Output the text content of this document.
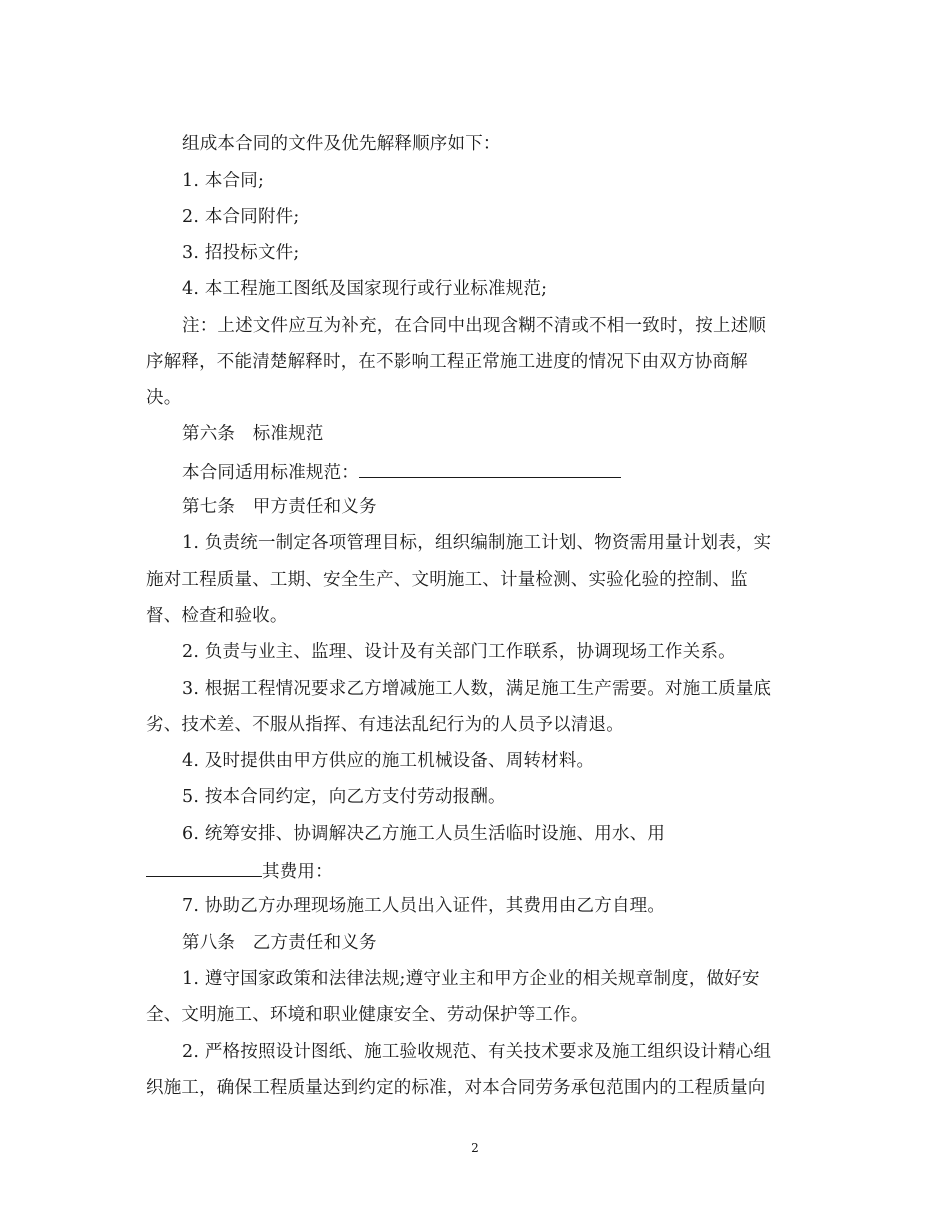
组成本合同的文件及优先解释顺序如下：
1. 本合同;
2. 本合同附件;
3. 招投标文件;
4. 本工程施工图纸及国家现行或行业标准规范;
注：上述文件应互为补充，在合同中出现含糊不清或不相一致时，按上述顺
序解释，不能清楚解释时，在不影响工程正常施工进度的情况下由双方协商解
决。
第六条　标准规范
本合同适用标准规范：
第七条　甲方责任和义务
1. 负责统一制定各项管理目标，组织编制施工计划、物资需用量计划表，实
施对工程质量、工期、安全生产、文明施工、计量检测、实验化验的控制、监
督、检查和验收。
2. 负责与业主、监理、设计及有关部门工作联系，协调现场工作关系。
3. 根据工程情况要求乙方增减施工人数，满足施工生产需要。对施工质量底
劣、技术差、不服从指挥、有违法乱纪行为的人员予以清退。
4. 及时提供由甲方供应的施工机械设备、周转材料。
5. 按本合同约定，向乙方支付劳动报酬。
6. 统筹安排、协调解决乙方施工人员生活临时设施、用水、用
其费用：
7. 协助乙方办理现场施工人员出入证件，其费用由乙方自理。
第八条　乙方责任和义务
1. 遵守国家政策和法律法规;遵守业主和甲方企业的相关规章制度，做好安
全、文明施工、环境和职业健康安全、劳动保护等工作。
2. 严格按照设计图纸、施工验收规范、有关技术要求及施工组织设计精心组
织施工，确保工程质量达到约定的标准，对本合同劳务承包范围内的工程质量向
2
